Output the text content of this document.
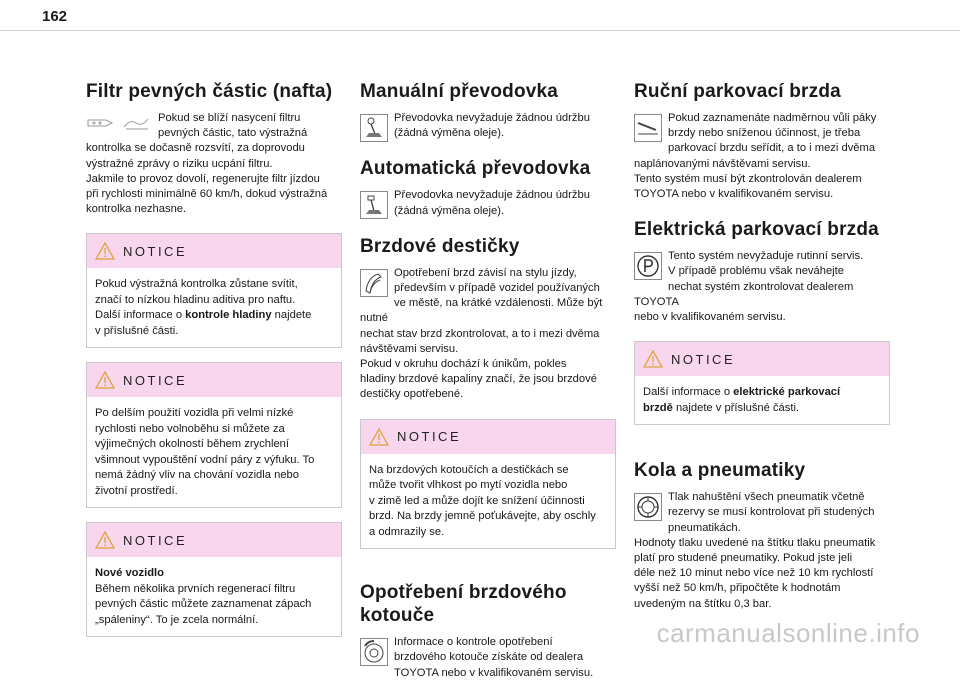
162
Filtr pevných částic (nafta)

Pokud se blíží nasycení filtru

pevných částic, tato výstražná

kontrolka se dočasně rozsvítí, za doprovodu

výstražné zprávy o riziku ucpání filtru.

Jakmile to provoz dovolí, regenerujte filtr jízdou

při rychlosti minimálně 60 km/h, dokud výstražná

kontrolka nezhasne.

NOTICE

Pokud výstražná kontrolka zůstane svítit,

značí to nízkou hladinu aditiva pro naftu.

Další informace o kontrole hladiny najdete

v příslušné části.

NOTICE

Po delším použití vozidla při velmi nízké

rychlosti nebo volnoběhu si můžete za

výjimečných okolností během zrychlení

všimnout vypouštění vodní páry z výfuku. To

nemá žádný vliv na chování vozidla nebo

životní prostředí.

NOTICE

Nové vozidlo

Během několika prvních regenerací filtru

pevných částic můžete zaznamenat zápach

„spáleniny“. To je zcela normální.

Manuální převodovka

Převodovka nevyžaduje žádnou údržbu

(žádná výměna oleje).

Automatická převodovka

Převodovka nevyžaduje žádnou údržbu

(žádná výměna oleje).

Brzdové destičky

Opotřebení brzd závisí na stylu jízdy,

především v případě vozidel používaných

ve městě, na krátké vzdálenosti. Může být nutné

nechat stav brzd zkontrolovat, a to i mezi dvěma

návštěvami servisu.

Pokud v okruhu dochází k únikům, pokles

hladiny brzdové kapaliny značí, že jsou brzdové

destičky opotřebené.

NOTICE

Na brzdových kotoučích a destičkách se

může tvořit vlhkost po mytí vozidla nebo

v zimě led a může dojít ke snížení účinnosti

brzd. Na brzdy jemně poťukávejte, aby oschly

a odmrazily se.

Opotřebení brzdového
kotouče

Informace o kontrole opotřebení

brzdového kotouče získáte od dealera

TOYOTA nebo v kvalifikovaném servisu.

Ruční parkovací brzda

Pokud zaznamenáte nadměrnou vůli páky

brzdy nebo sníženou účinnost, je třeba

parkovací brzdu seřídit, a to i mezi dvěma

naplánovanými návštěvami servisu.

Tento systém musí být zkontrolován dealerem

TOYOTA nebo v kvalifikovaném servisu.

Elektrická parkovací brzda

Tento systém nevyžaduje rutinní servis.

V případě problému však neváhejte

nechat systém zkontrolovat dealerem TOYOTA

nebo v kvalifikovaném servisu.

NOTICE

Další informace o elektrické parkovací

brzdě najdete v příslušné části.

Kola a pneumatiky

Tlak nahuštění všech pneumatik včetně

rezervy se musí kontrolovat při studených

pneumatikách.

Hodnoty tlaku uvedené na štítku tlaku pneumatik

platí pro studené pneumatiky. Pokud jste jeli

déle než 10 minut nebo více než 10 km rychlostí

vyšší než 50 km/h, připočtěte k hodnotám

uvedeným na štítku 0,3 bar.

carmanualsonline.info
